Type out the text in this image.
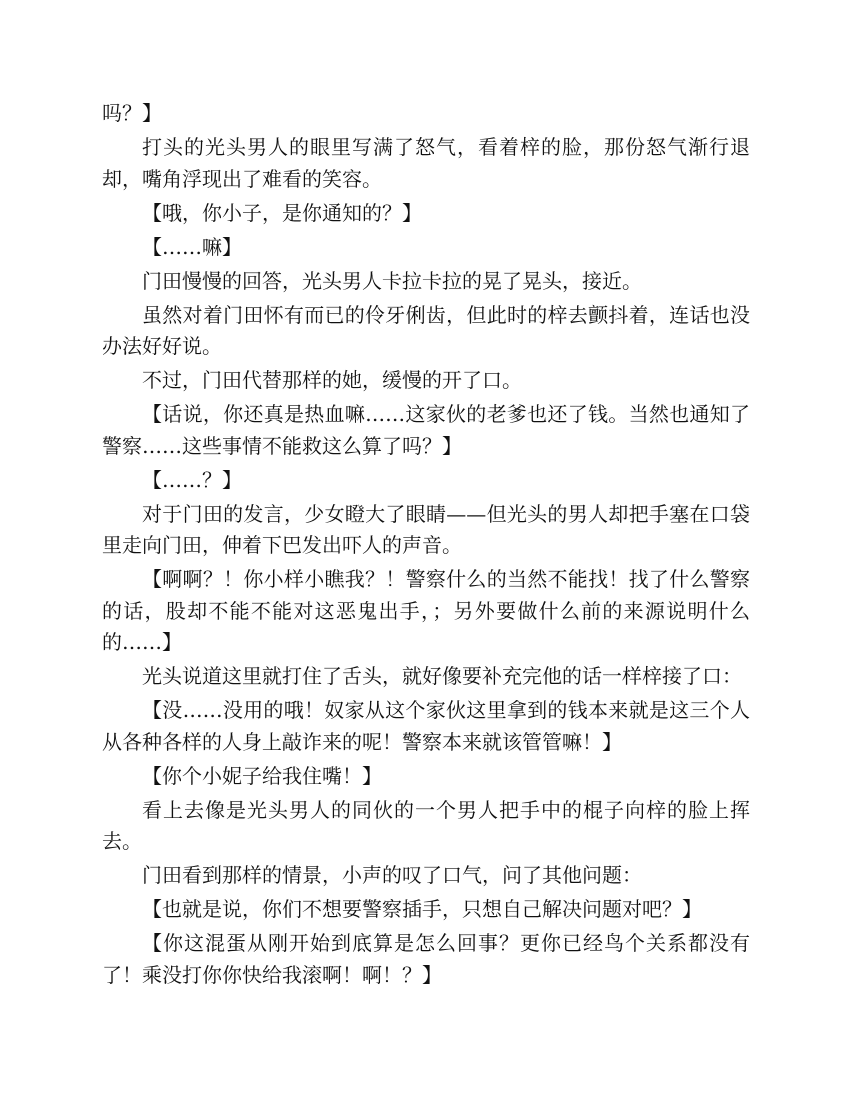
吗？】

打头的光头男人的眼里写满了怒气，看着梓的脸，那份怒气渐行退却，嘴角浮现出了难看的笑容。

【哦，你小子，是你通知的？】

【……嘛】

门田慢慢的回答，光头男人卡拉卡拉的晃了晃头，接近。

虽然对着门田怀有而已的伶牙俐齿，但此时的梓去颤抖着，连话也没办法好好说。

不过，门田代替那样的她，缓慢的开了口。

【话说，你还真是热血嘛……这家伙的老爹也还了钱。当然也通知了警察……这些事情不能救这么算了吗？】

【……？】

对于门田的发言，少女瞪大了眼睛——但光头的男人却把手塞在口袋里走向门田，伸着下巴发出吓人的声音。

【啊啊？！你小样小瞧我？！警察什么的当然不能找！找了什么警察的话，股却不能不能对这恶鬼出手，；另外要做什么前的来源说明什么的……】

光头说道这里就打住了舌头，就好像要补充完他的话一样梓接了口：

【没……没用的哦！奴家从这个家伙这里拿到的钱本来就是这三个人从各种各样的人身上敲诈来的呢！警察本来就该管管嘛！】

【你个小妮子给我住嘴！】

看上去像是光头男人的同伙的一个男人把手中的棍子向梓的脸上挥去。

门田看到那样的情景，小声的叹了口气，问了其他问题：

【也就是说，你们不想要警察插手，只想自己解决问题对吧？】

【你这混蛋从刚开始到底算是怎么回事？更你已经鸟个关系都没有了！乘没打你你快给我滚啊！啊！？】
